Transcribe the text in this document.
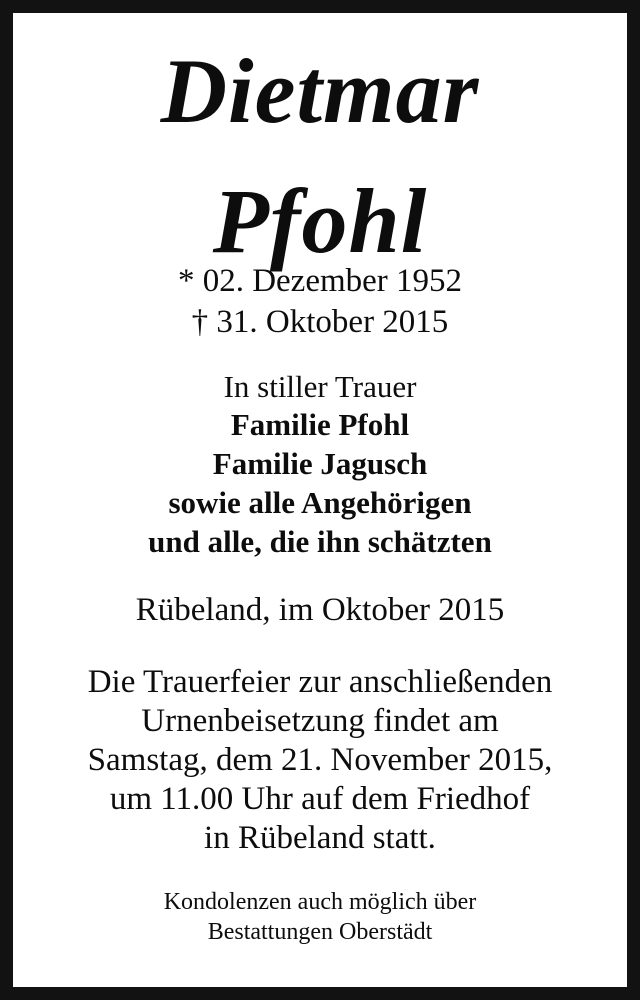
Dietmar
Pfohl
* 02. Dezember 1952
† 31. Oktober 2015
In stiller Trauer
Familie Pfohl
Familie Jagusch
sowie alle Angehörigen
und alle, die ihn schätzten
Rübeland, im Oktober 2015
Die Trauerfeier zur anschließenden
Urnenbeisetzung findet am
Samstag, dem 21. November 2015,
um 11.00 Uhr auf dem Friedhof
in Rübeland statt.
Kondolenzen auch möglich über
Bestattungen Oberstädt
